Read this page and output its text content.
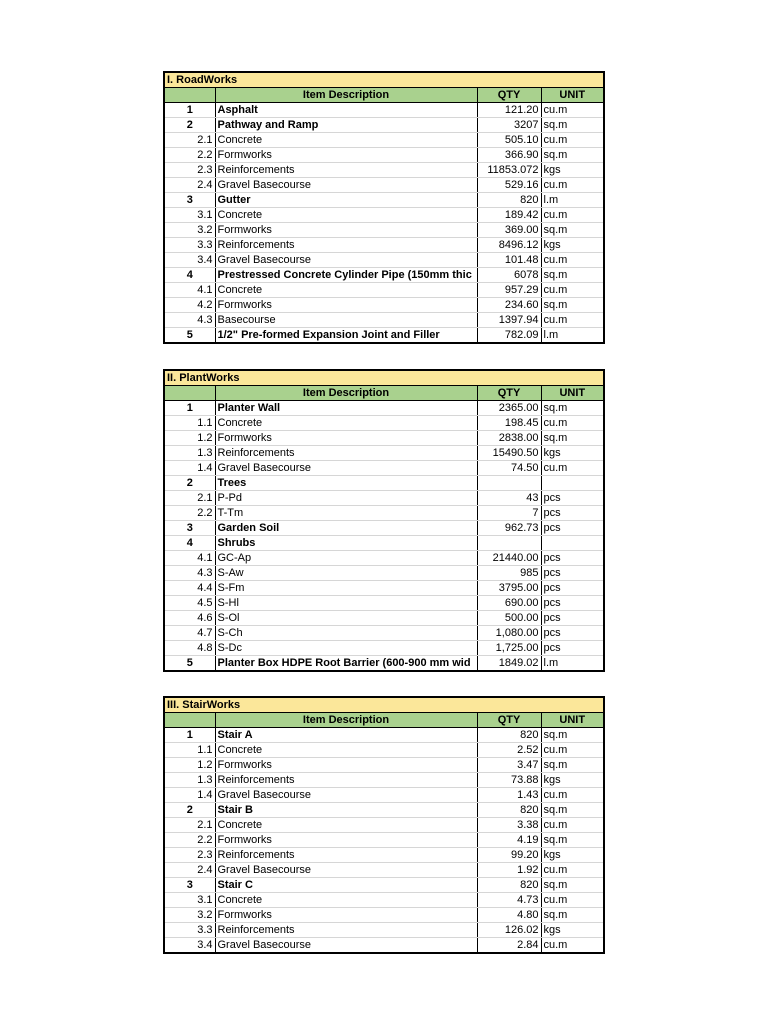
I. RoadWorks			
	Item Description	QTY	UNIT
1	Asphalt	121.20	cu.m
2	Pathway and Ramp	3207	sq.m
2.1	Concrete	505.10	cu.m
2.2	Formworks	366.90	sq.m
2.3	Reinforcements	11853.072	kgs
2.4	Gravel Basecourse	529.16	cu.m
3	Gutter	820	l.m
3.1	Concrete	189.42	cu.m
3.2	Formworks	369.00	sq.m
3.3	Reinforcements	8496.12	kgs
3.4	Gravel Basecourse	101.48	cu.m
4	Prestressed Concrete Cylinder Pipe (150mm thic	6078	sq.m
4.1	Concrete	957.29	cu.m
4.2	Formworks	234.60	sq.m
4.3	Basecourse	1397.94	cu.m
5	1/2" Pre-formed Expansion Joint and Filler	782.09	l.m
II. PlantWorks			
	Item Description	QTY	UNIT
1	Planter Wall	2365.00	sq.m
1.1	Concrete	198.45	cu.m
1.2	Formworks	2838.00	sq.m
1.3	Reinforcements	15490.50	kgs
1.4	Gravel Basecourse	74.50	cu.m
2	Trees		
2.1	P-Pd	43	pcs
2.2	T-Tm	7	pcs
3	Garden Soil	962.73	pcs
4	Shrubs		
4.1	GC-Ap	21440.00	pcs
4.3	S-Aw	985	pcs
4.4	S-Fm	3795.00	pcs
4.5	S-Hl	690.00	pcs
4.6	S-Ol	500.00	pcs
4.7	S-Ch	1,080.00	pcs
4.8	S-Dc	1,725.00	pcs
5	Planter Box HDPE Root Barrier (600-900 mm wid	1849.02	l.m
III. StairWorks			
	Item Description	QTY	UNIT
1	Stair A	820	sq.m
1.1	Concrete	2.52	cu.m
1.2	Formworks	3.47	sq.m
1.3	Reinforcements	73.88	kgs
1.4	Gravel Basecourse	1.43	cu.m
2	Stair B	820	sq.m
2.1	Concrete	3.38	cu.m
2.2	Formworks	4.19	sq.m
2.3	Reinforcements	99.20	kgs
2.4	Gravel Basecourse	1.92	cu.m
3	Stair C	820	sq.m
3.1	Concrete	4.73	cu.m
3.2	Formworks	4.80	sq.m
3.3	Reinforcements	126.02	kgs
3.4	Gravel Basecourse	2.84	cu.m
